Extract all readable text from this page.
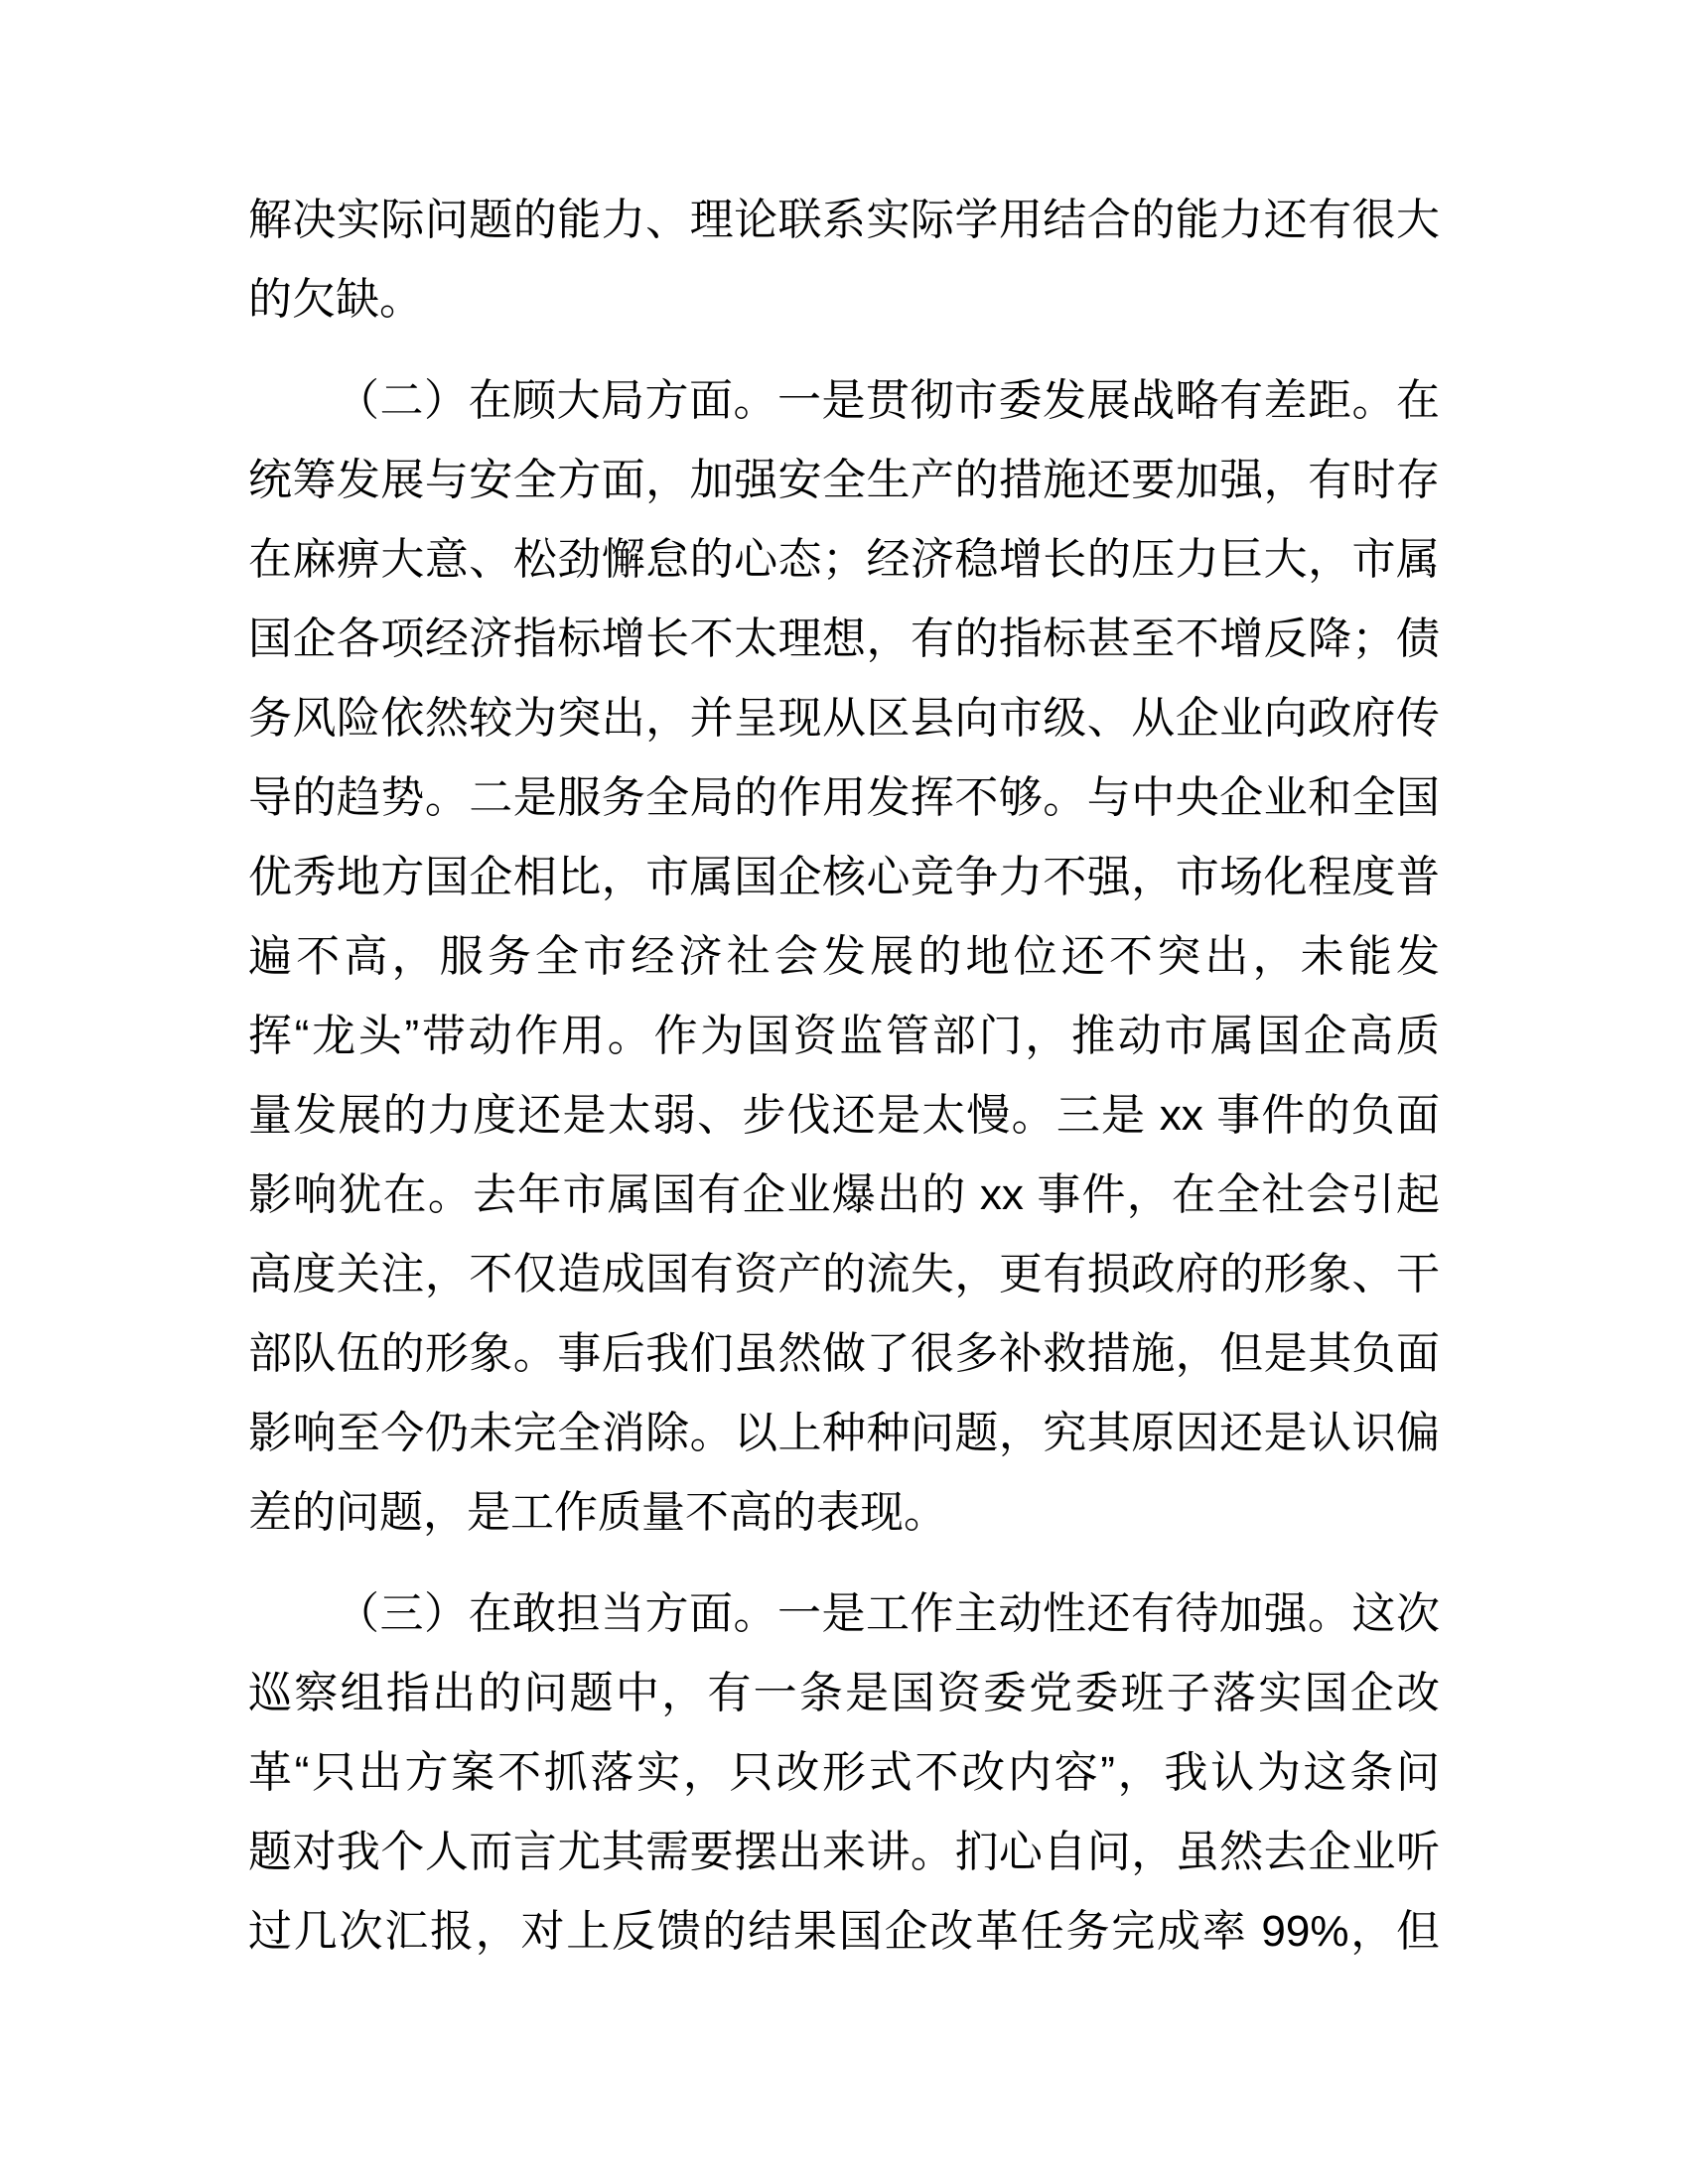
解决实际问题的能力、理论联系实际学用结合的能力还有很大
的欠缺。
（二）在顾大局方面。一是贯彻市委发展战略有差距。在
统筹发展与安全方面，加强安全生产的措施还要加强，有时存
在麻痹大意、松劲懈怠的心态；经济稳增长的压力巨大，市属
国企各项经济指标增长不太理想，有的指标甚至不增反降；债
务风险依然较为突出，并呈现从区县向市级、从企业向政府传
导的趋势。二是服务全局的作用发挥不够。与中央企业和全国
优秀地方国企相比，市属国企核心竞争力不强，市场化程度普
遍不高，服务全市经济社会发展的地位还不突出，未能发
挥“龙头”带动作用。作为国资监管部门，推动市属国企高质
量发展的力度还是太弱、步伐还是太慢。三是 xx 事件的负面
影响犹在。去年市属国有企业爆出的 xx 事件，在全社会引起
高度关注，不仅造成国有资产的流失，更有损政府的形象、干
部队伍的形象。事后我们虽然做了很多补救措施，但是其负面
影响至今仍未完全消除。以上种种问题，究其原因还是认识偏
差的问题，是工作质量不高的表现。
（三）在敢担当方面。一是工作主动性还有待加强。这次
巡察组指出的问题中，有一条是国资委党委班子落实国企改
革“只出方案不抓落实，只改形式不改内容”，我认为这条问
题对我个人而言尤其需要摆出来讲。扪心自问，虽然去企业听
过几次汇报，对上反馈的结果国企改革任务完成率 99%，但
